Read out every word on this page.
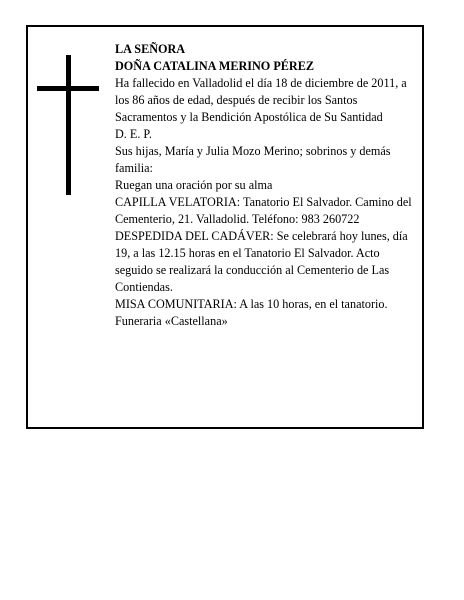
LA SEÑORA

DOÑA CATALINA MERINO PÉREZ

Ha fallecido en Valladolid el día 18 de diciembre de 2011, a los 86 años de edad, después de recibir los Santos Sacramentos y la Bendición Apostólica de Su Santidad

D. E. P.

Sus hijas, María y Julia Mozo Merino; sobrinos y demás familia:

Ruegan una oración por su alma

CAPILLA VELATORIA: Tanatorio El Salvador. Camino del Cementerio, 21. Valladolid. Teléfono: 983 260722

DESPEDIDA DEL CADÁVER: Se celebrará hoy lunes, día 19, a las 12.15 horas en el Tanatorio El Salvador. Acto seguido se realizará la conducción al Cementerio de Las Contiendas.

MISA COMUNITARIA: A las 10 horas, en el tanatorio.

Funeraria «Castellana»
